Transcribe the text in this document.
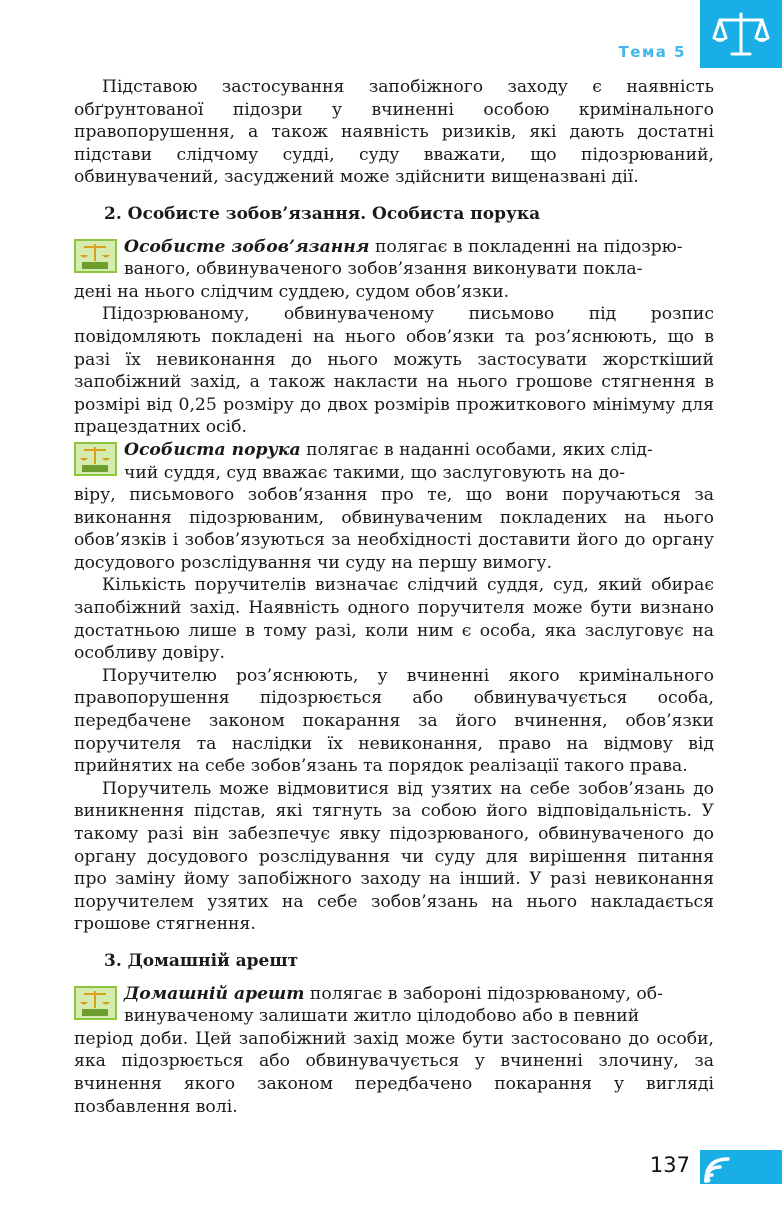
Тема 5

Підставою застосування запобіжного заходу є наявність обґрунтованої підозри у вчиненні особою кримінального правопорушення, а також наявність ризиків, які дають достатні підстави слідчому судді, суду вважати, що підозрюваний, обвинувачений, засуджений може здійснити вищеназвані дії.

2. Особисте зобов’язання. Особиста порука

Особисте зобов’язання полягає в покладенні на підозрю-

ваного, обвинуваченого зобов’язання виконувати покла-

дені на нього слідчим суддею, судом обов’язки.

Підозрюваному, обвинуваченому письмово під розпис повідомляють покладені на нього обов’язки та роз’яснюють, що в разі їх невиконання до нього можуть застосувати жорсткіший запобіжний захід, а також накласти на нього грошове стягнення в розмірі від 0,25 розміру до двох розмірів прожиткового мінімуму для працездатних осіб.

Особиста порука полягає в наданні особами, яких слід-

чий суддя, суд вважає такими, що заслуговують на до-

віру, письмового зобов’язання про те, що вони поручаються за виконання підозрюваним, обвинуваченим покладених на нього обов’язків і зобов’язуються за необхідності доставити його до органу досудового розслідування чи суду на першу вимогу.

Кількість поручителів визначає слідчий суддя, суд, який обирає запобіжний захід. Наявність одного поручителя може бути визнано достатньою лише в тому разі, коли ним є особа, яка заслуговує на особливу довіру.

Поручителю роз’яснюють, у вчиненні якого кримінального правопорушення підозрюється або обвинувачується особа, передбачене законом покарання за його вчинення, обов’язки поручителя та наслідки їх невиконання, право на відмову від прийнятих на себе зобов’язань та порядок реалізації такого права.

Поручитель може відмовитися від узятих на себе зобов’язань до виникнення підстав, які тягнуть за собою його відповідальність. У такому разі він забезпечує явку підозрюваного, обвинуваченого до органу досудового розслідування чи суду для вирішення питання про заміну йому запобіжного заходу на інший. У разі невиконання поручителем узятих на себе зобов’язань на нього накладається грошове стягнення.

3. Домашній арешт

Домашній арешт полягає в забороні підозрюваному, об-

винуваченому залишати житло цілодобово або в певний

період доби. Цей запобіжний захід може бути застосовано до особи, яка підозрюється або обвинувачується у вчиненні злочину, за вчинення якого законом передбачено покарання у вигляді позбавлення волі.

137
